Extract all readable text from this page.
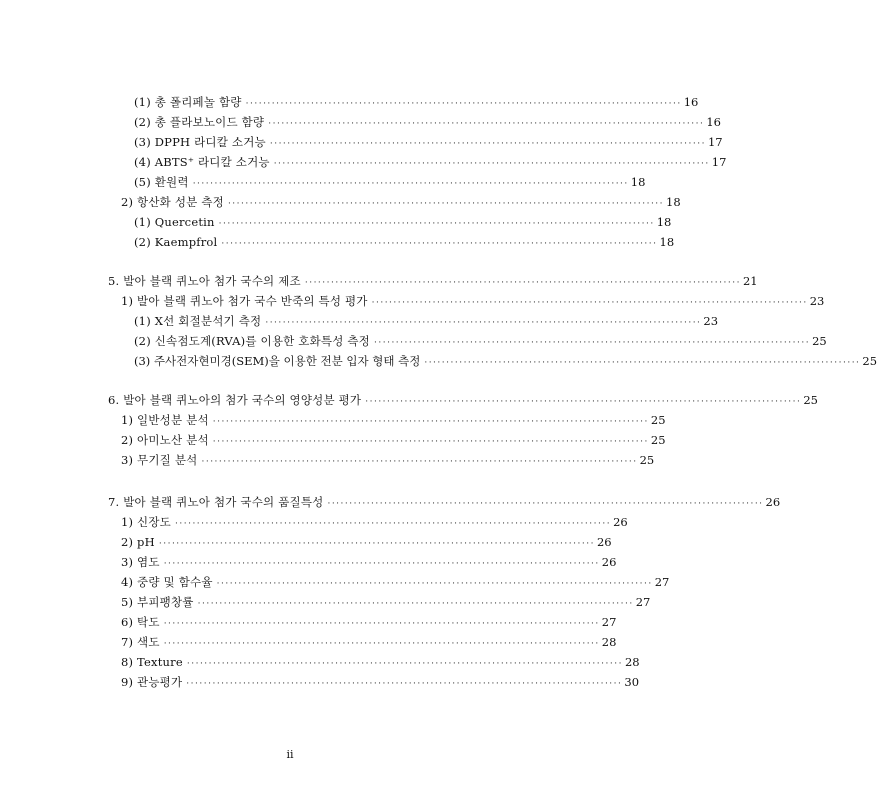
(1) 총 폴리페놀 함량 ···································································································· 16
(2) 총 플라보노이드 함량 ···································································································· 16
(3) DPPH 라디칼 소거능 ···································································································· 17
(4) ABTS⁺ 라디칼 소거능 ···································································································· 17
(5) 환원력 ···································································································· 18
2) 항산화 성분 측정 ···································································································· 18
(1) Quercetin ···································································································· 18
(2) Kaempfrol ···································································································· 18
5. 발아 블랙 퀴노아 첨가 국수의 제조 ···································································································· 21
1) 발아 블랙 퀴노아 첨가 국수 반죽의 특성 평가 ···································································································· 23
(1) X선 회절분석기 측정 ···································································································· 23
(2) 신속점도계(RVA)를 이용한 호화특성 측정 ···································································································· 25
(3) 주사전자현미경(SEM)을 이용한 전분 입자 형태 측정 ···································································································· 25
6. 발아 블랙 퀴노아의 첨가 국수의 영양성분 평가 ···································································································· 25
1) 일반성분 분석 ···································································································· 25
2) 아미노산 분석 ···································································································· 25
3) 무기질 분석 ···································································································· 25
7. 발아 블랙 퀴노아 첨가 국수의 품질특성 ···································································································· 26
1) 신장도 ···································································································· 26
2) pH ···································································································· 26
3) 염도 ···································································································· 26
4) 중량 및 함수율 ···································································································· 27
5) 부피팽창률 ···································································································· 27
6) 탁도 ···································································································· 27
7) 색도 ···································································································· 28
8) Texture ···································································································· 28
9) 관능평가 ···································································································· 30
ii
